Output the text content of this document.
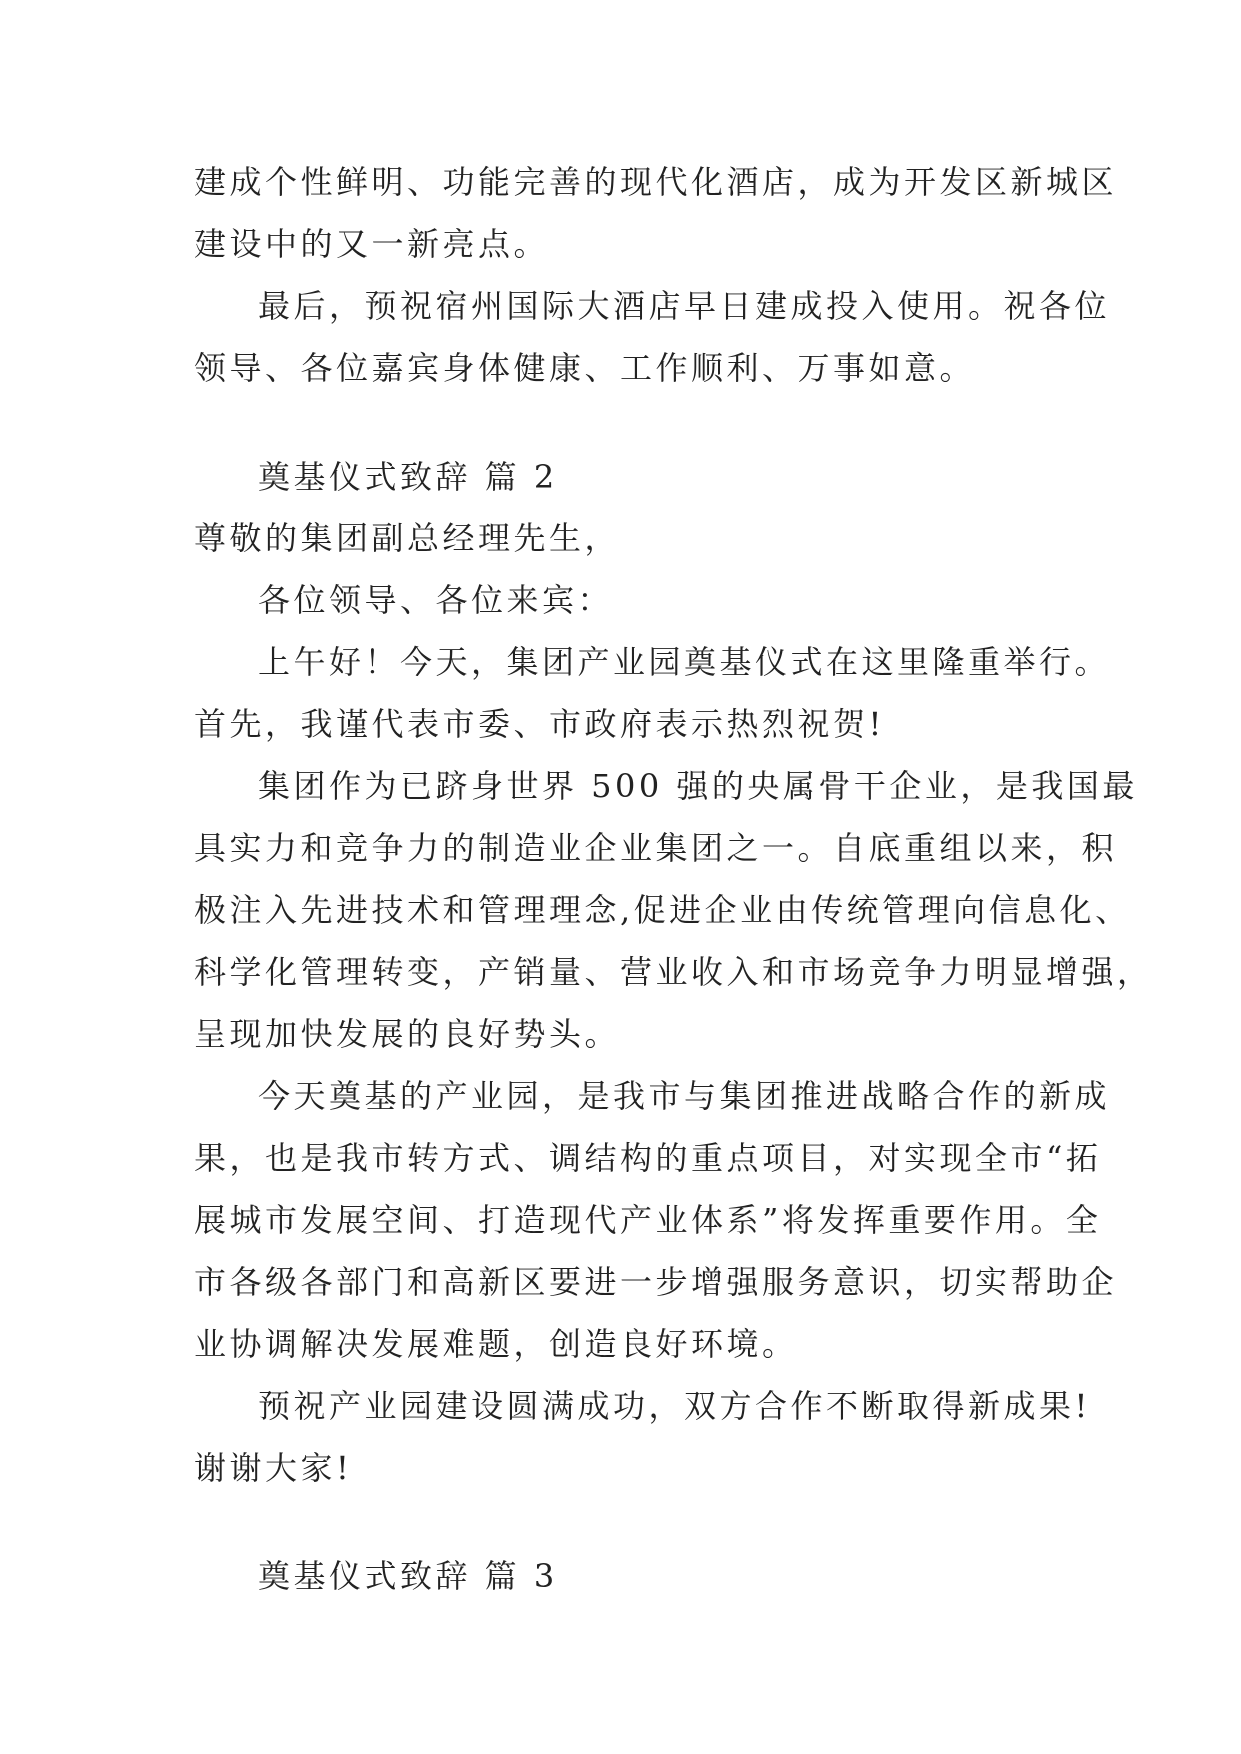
建成个性鲜明、功能完善的现代化酒店，成为开发区新城区
建设中的又一新亮点。
最后，预祝宿州国际大酒店早日建成投入使用。祝各位
领导、各位嘉宾身体健康、工作顺利、万事如意。
奠基仪式致辞 篇 2
尊敬的集团副总经理先生，
各位领导、各位来宾：
上午好！今天，集团产业园奠基仪式在这里隆重举行。
首先，我谨代表市委、市政府表示热烈祝贺!
集团作为已跻身世界 500 强的央属骨干企业，是我国最
具实力和竞争力的制造业企业集团之一。自底重组以来，积
极注入先进技术和管理理念,促进企业由传统管理向信息化、
科学化管理转变，产销量、营业收入和市场竞争力明显增强，
呈现加快发展的良好势头。
今天奠基的产业园，是我市与集团推进战略合作的新成
果，也是我市转方式、调结构的重点项目，对实现全市“拓
展城市发展空间、打造现代产业体系”将发挥重要作用。全
市各级各部门和高新区要进一步增强服务意识，切实帮助企
业协调解决发展难题，创造良好环境。
预祝产业园建设圆满成功，双方合作不断取得新成果!
谢谢大家!
奠基仪式致辞 篇 3
